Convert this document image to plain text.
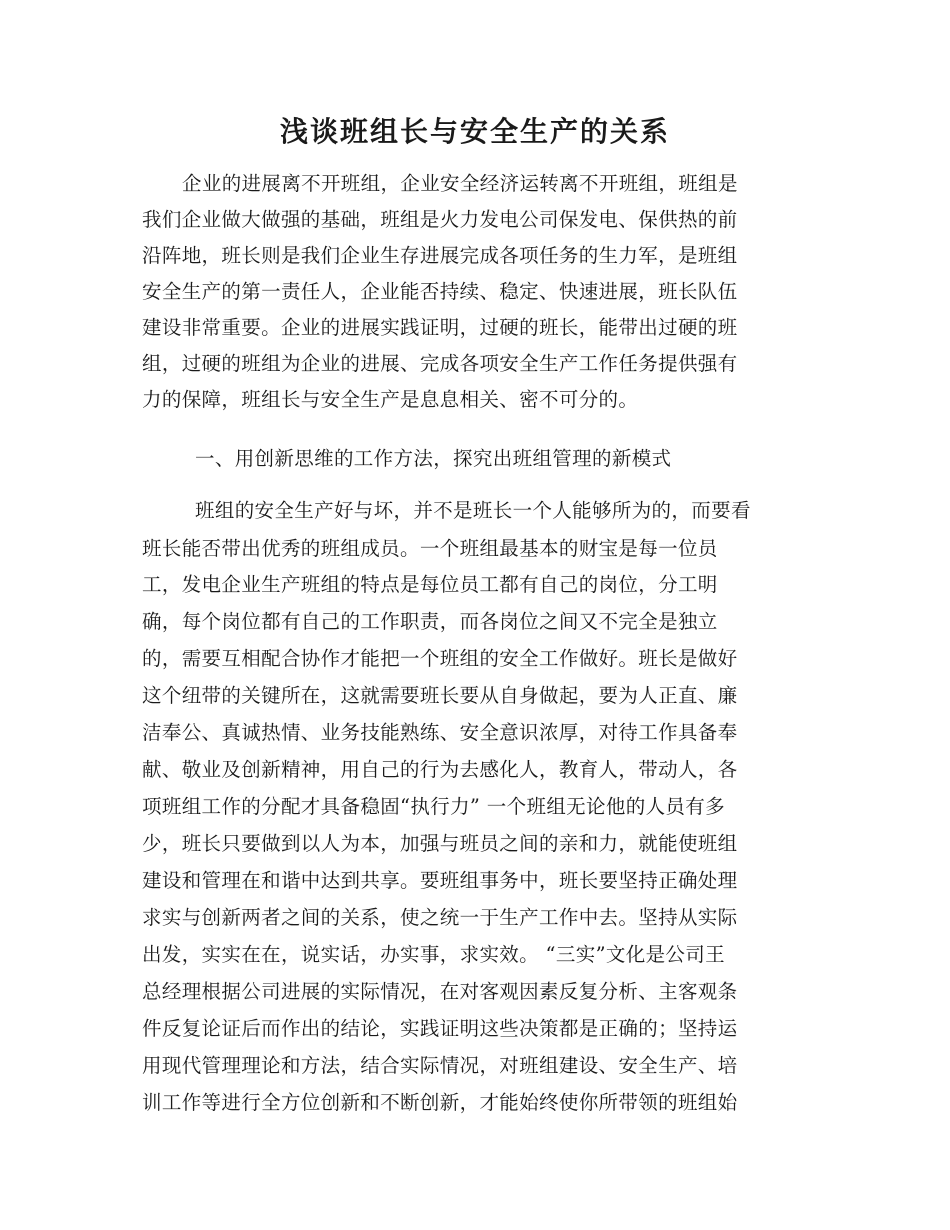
浅谈班组长与安全生产的关系
企业的进展离不开班组，企业安全经济运转离不开班组，班组是
我们企业做大做强的基础，班组是火力发电公司保发电、保供热的前
沿阵地，班长则是我们企业生存进展完成各项任务的生力军，是班组
安全生产的第一责任人，企业能否持续、稳定、快速进展，班长队伍
建设非常重要。企业的进展实践证明，过硬的班长，能带出过硬的班
组，过硬的班组为企业的进展、完成各项安全生产工作任务提供强有
力的保障，班组长与安全生产是息息相关、密不可分的。
一、用创新思维的工作方法，探究出班组管理的新模式
班组的安全生产好与坏，并不是班长一个人能够所为的，而要看
班长能否带出优秀的班组成员。一个班组最基本的财宝是每一位员
工，发电企业生产班组的特点是每位员工都有自己的岗位，分工明
确，每个岗位都有自己的工作职责，而各岗位之间又不完全是独立
的，需要互相配合协作才能把一个班组的安全工作做好。班长是做好
这个纽带的关键所在，这就需要班长要从自身做起，要为人正直、廉
洁奉公、真诚热情、业务技能熟练、安全意识浓厚，对待工作具备奉
献、敬业及创新精神，用自己的行为去感化人，教育人，带动人，各
项班组工作的分配才具备稳固“执行力” 一个班组无论他的人员有多
少，班长只要做到以人为本，加强与班员之间的亲和力，就能使班组
建设和管理在和谐中达到共享。要班组事务中，班长要坚持正确处理
求实与创新两者之间的关系，使之统一于生产工作中去。坚持从实际
出发，实实在在，说实话，办实事，求实效。 “三实”文化是公司王
总经理根据公司进展的实际情况，在对客观因素反复分析、主客观条
件反复论证后而作出的结论，实践证明这些决策都是正确的；坚持运
用现代管理理论和方法，结合实际情况，对班组建设、安全生产、培
训工作等进行全方位创新和不断创新，才能始终使你所带领的班组始
